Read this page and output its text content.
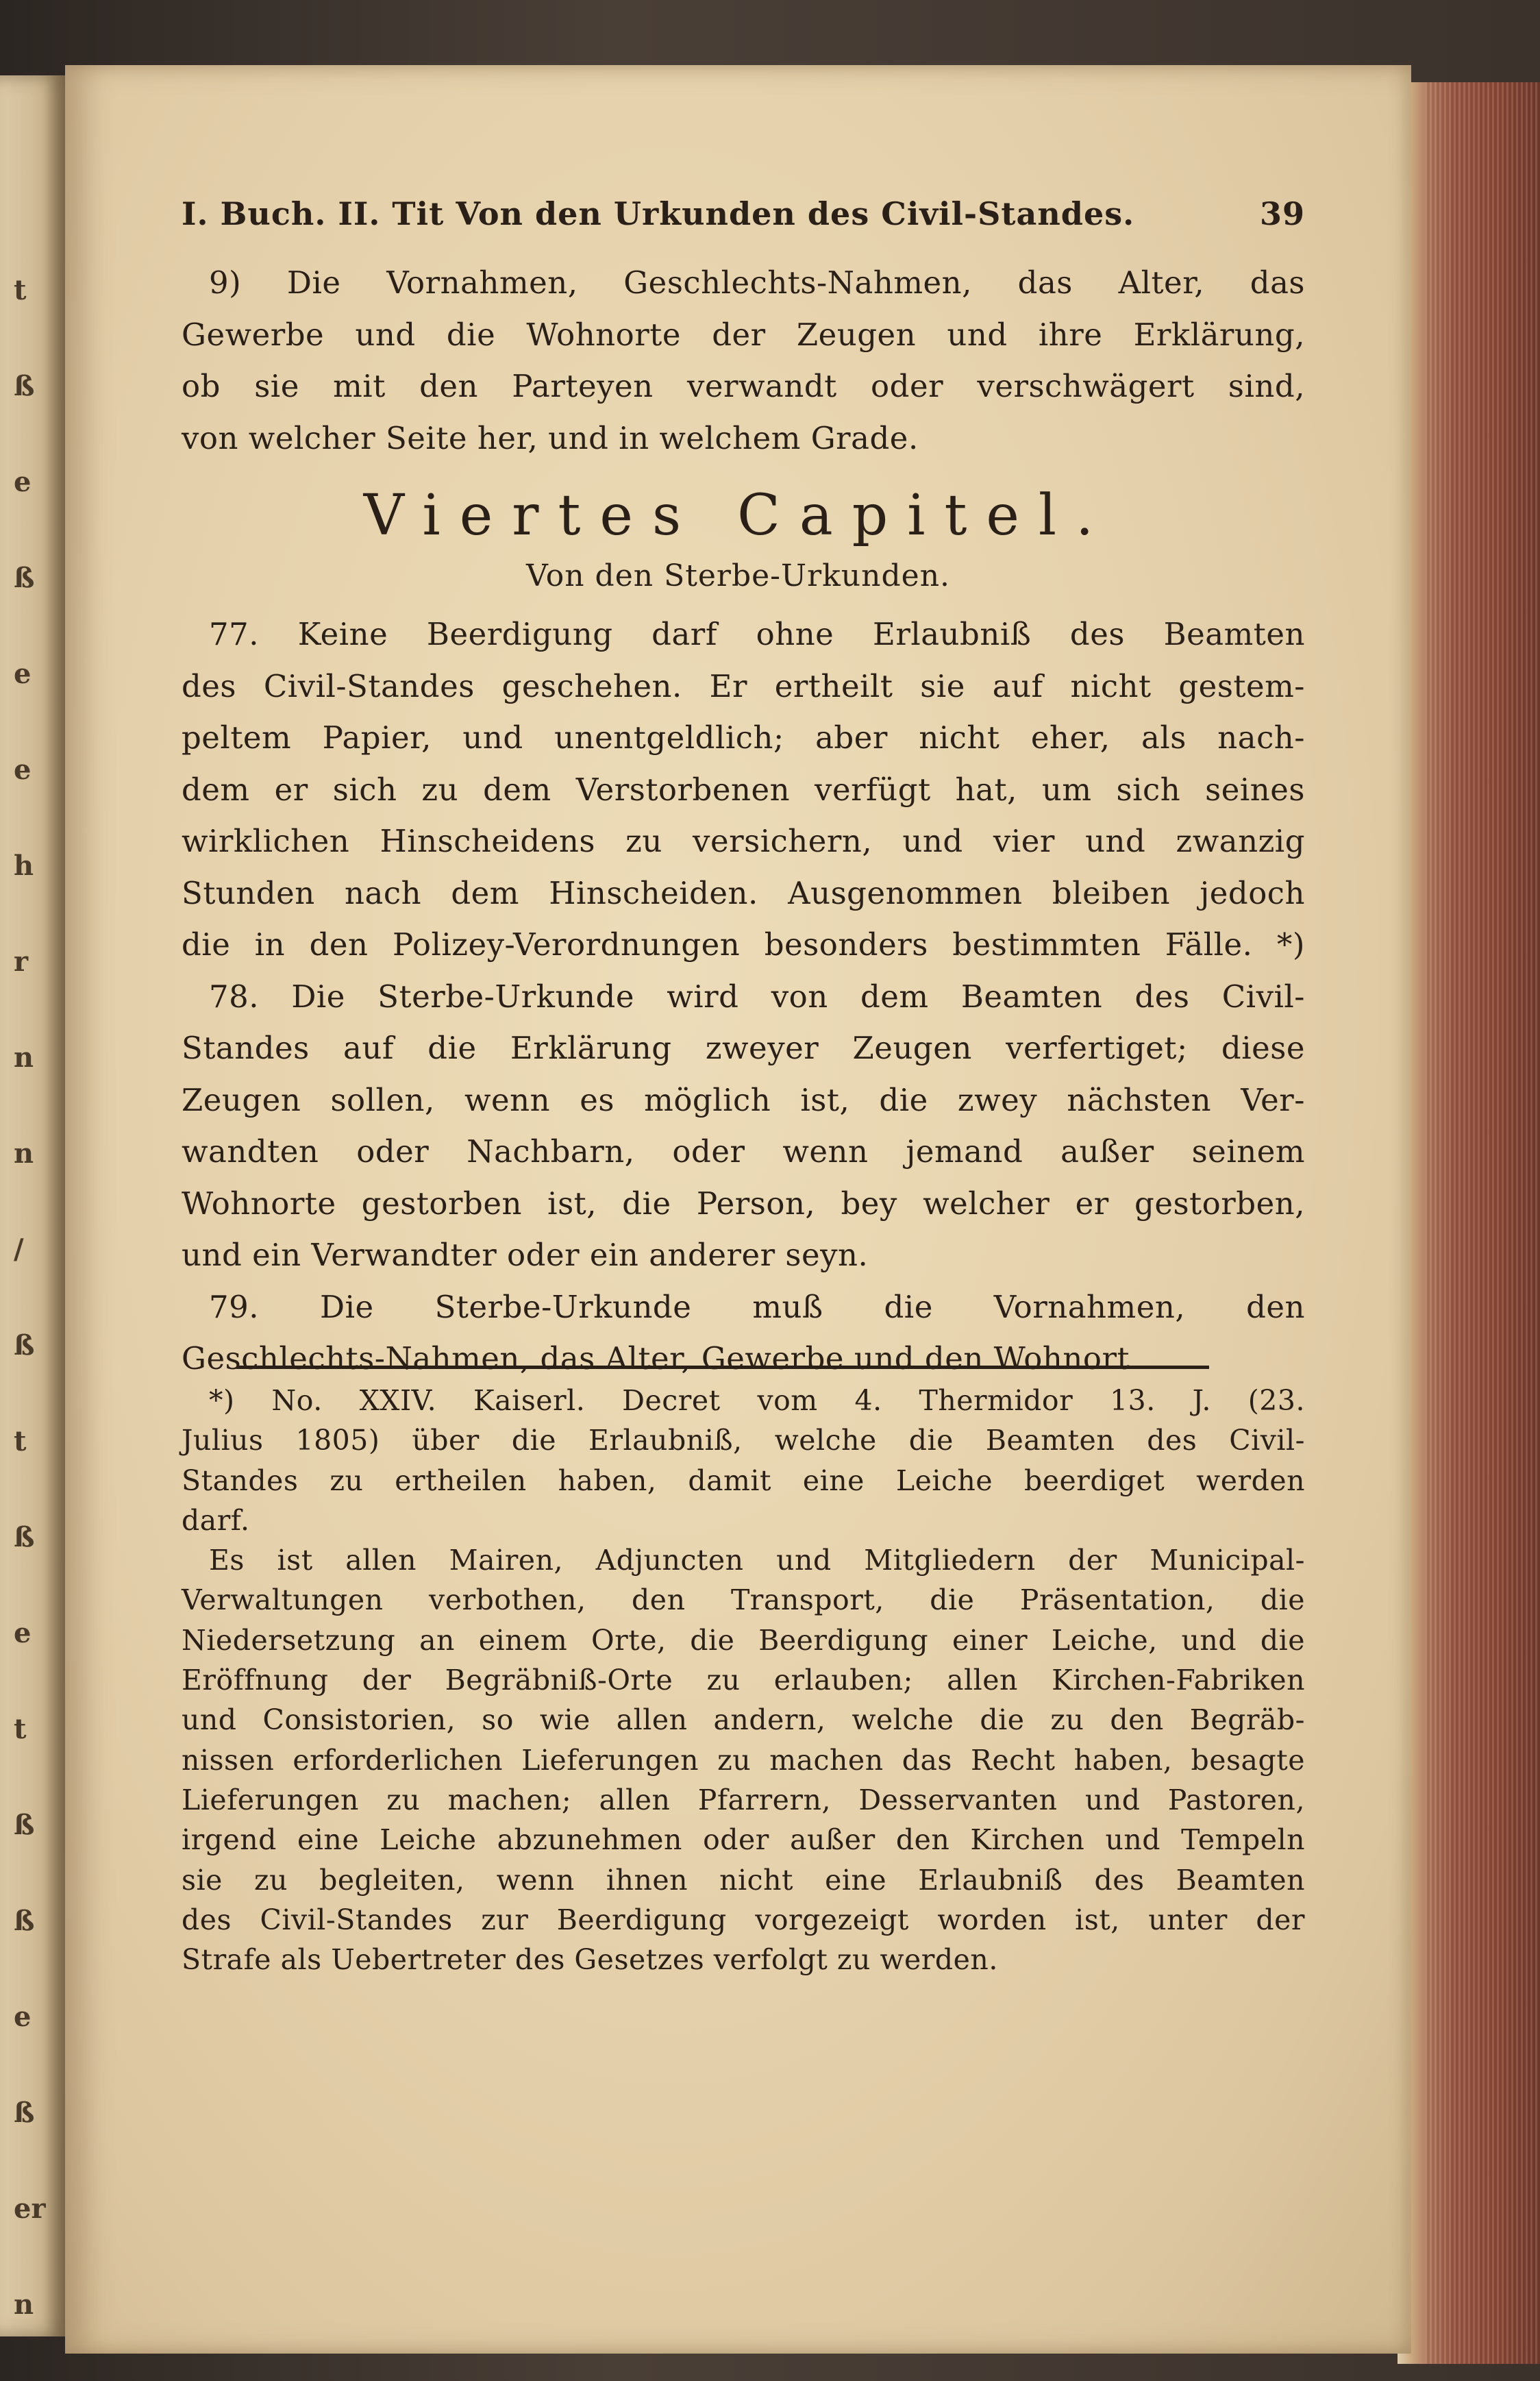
t
ß
e
ß
e
e
h
r
n
n
/
ß
t
ß
e
t
ß
ß
e
ß
er
n
I. Buch. II. Tit Von den Urkunden des Civil-Standes.	39
9) Die Vornahmen, Geschlechts-Nahmen, das Alter, das
Gewerbe und die Wohnorte der Zeugen und ihre Erklärung,
ob sie mit den Parteyen verwandt oder verschwägert sind,
von welcher Seite her, und in welchem Grade.
Viertes Capitel.
Von den Sterbe-Urkunden.
77. Keine Beerdigung darf ohne Erlaubniß des Beamten
des Civil-Standes geschehen. Er ertheilt sie auf nicht gestem-
peltem Papier, und unentgeldlich; aber nicht eher, als nach-
dem er sich zu dem Verstorbenen verfügt hat, um sich seines
wirklichen Hinscheidens zu versichern, und vier und zwanzig
Stunden nach dem Hinscheiden. Ausgenommen bleiben jedoch
die in den Polizey-Verordnungen besonders bestimmten Fälle. *)
78. Die Sterbe-Urkunde wird von dem Beamten des Civil-
Standes auf die Erklärung zweyer Zeugen verfertiget; diese
Zeugen sollen, wenn es möglich ist, die zwey nächsten Ver-
wandten oder Nachbarn, oder wenn jemand außer seinem
Wohnorte gestorben ist, die Person, bey welcher er gestorben,
und ein Verwandter oder ein anderer seyn.
79. Die Sterbe-Urkunde muß die Vornahmen, den
Geschlechts-Nahmen, das Alter, Gewerbe und den Wohnort
*) No. XXIV. Kaiserl. Decret vom 4. Thermidor 13. J. (23.
Julius 1805) über die Erlaubniß, welche die Beamten des Civil-
Standes zu ertheilen haben, damit eine Leiche beerdiget werden
darf.
Es ist allen Mairen, Adjuncten und Mitgliedern der Municipal-
Verwaltungen verbothen, den Transport, die Präsentation, die
Niedersetzung an einem Orte, die Beerdigung einer Leiche, und die
Eröffnung der Begräbniß-Orte zu erlauben; allen Kirchen-Fabriken
und Consistorien, so wie allen andern, welche die zu den Begräb-
nissen erforderlichen Lieferungen zu machen das Recht haben, besagte
Lieferungen zu machen; allen Pfarrern, Desservanten und Pastoren,
irgend eine Leiche abzunehmen oder außer den Kirchen und Tempeln
sie zu begleiten, wenn ihnen nicht eine Erlaubniß des Beamten
des Civil-Standes zur Beerdigung vorgezeigt worden ist, unter der
Strafe als Uebertreter des Gesetzes verfolgt zu werden.
